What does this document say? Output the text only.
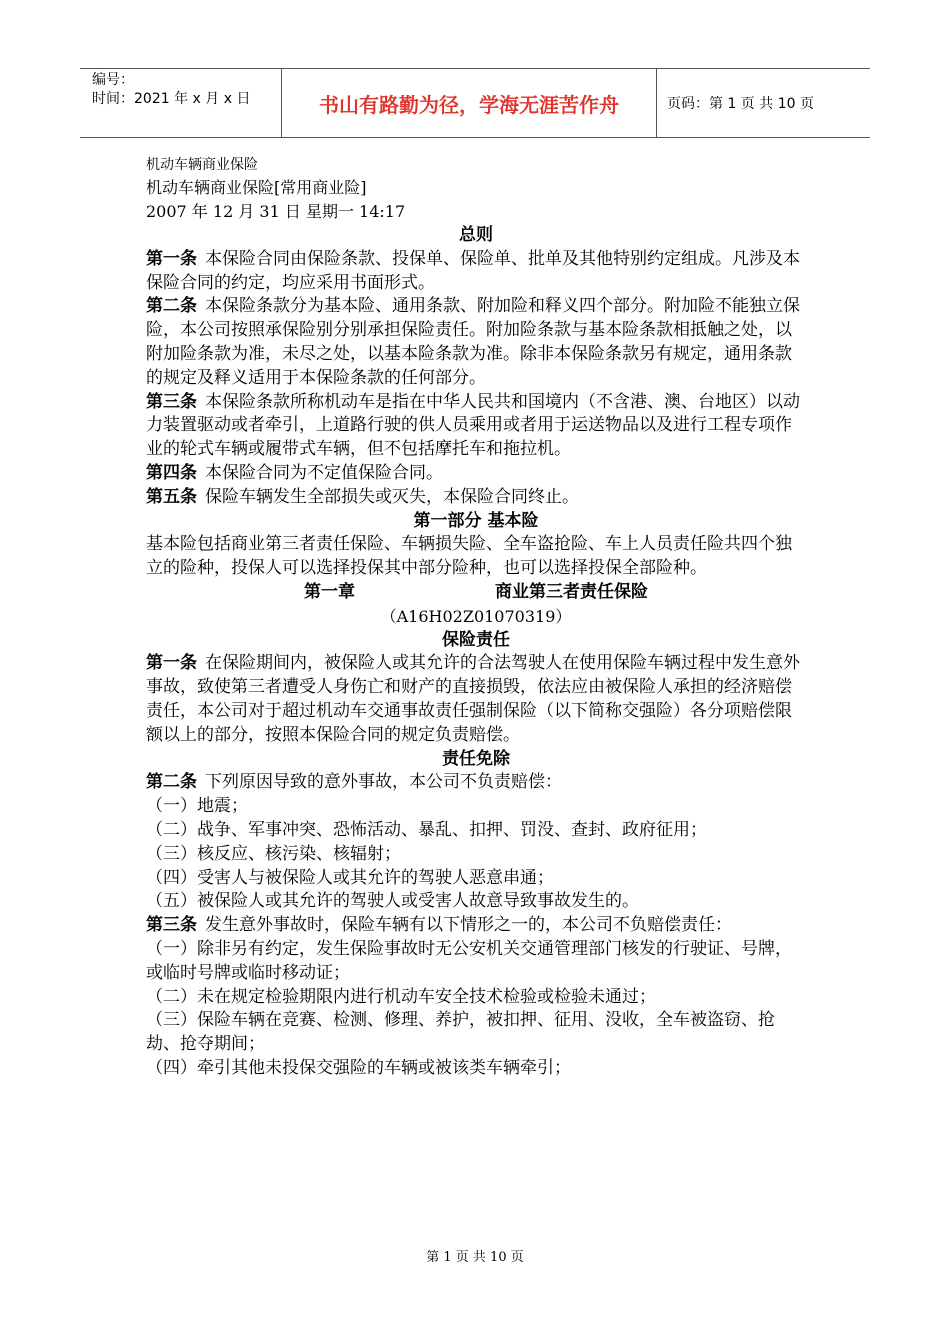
编号：
时间：2021 年 x 月 x 日	书山有路勤为径，学海无涯苦作舟	页码：第 1 页 共 10 页

机动车辆商业保险

机动车辆商业保险[常用商业险]

2007 年 12 月 31 日 星期一 14:17

总则

第一条 本保险合同由保险条款、投保单、保险单、批单及其他特别约定组成。凡涉及本保险合同的约定，均应采用书面形式。

第二条 本保险条款分为基本险、通用条款、附加险和释义四个部分。附加险不能独立保险，本公司按照承保险别分别承担保险责任。附加险条款与基本险条款相抵触之处，以附加险条款为准，未尽之处，以基本险条款为准。除非本保险条款另有规定，通用条款的规定及释义适用于本保险条款的任何部分。

第三条 本保险条款所称机动车是指在中华人民共和国境内（不含港、澳、台地区）以动力装置驱动或者牵引，上道路行驶的供人员乘用或者用于运送物品以及进行工程专项作业的轮式车辆或履带式车辆，但不包括摩托车和拖拉机。

第四条 本保险合同为不定值保险合同。

第五条 保险车辆发生全部损失或灭失，本保险合同终止。

第一部分 基本险

基本险包括商业第三者责任保险、车辆损失险、全车盗抢险、车上人员责任险共四个独立的险种，投保人可以选择投保其中部分险种，也可以选择投保全部险种。

第一章	商业第三者责任保险

（A16H02Z01070319）

保险责任

第一条 在保险期间内，被保险人或其允许的合法驾驶人在使用保险车辆过程中发生意外事故，致使第三者遭受人身伤亡和财产的直接损毁，依法应由被保险人承担的经济赔偿责任，本公司对于超过机动车交通事故责任强制保险（以下简称交强险）各分项赔偿限额以上的部分，按照本保险合同的规定负责赔偿。

责任免除

第二条 下列原因导致的意外事故，本公司不负责赔偿：

（一）地震；

（二）战争、军事冲突、恐怖活动、暴乱、扣押、罚没、查封、政府征用；

（三）核反应、核污染、核辐射；

（四）受害人与被保险人或其允许的驾驶人恶意串通；

（五）被保险人或其允许的驾驶人或受害人故意导致事故发生的。

第三条 发生意外事故时，保险车辆有以下情形之一的，本公司不负赔偿责任：

（一）除非另有约定，发生保险事故时无公安机关交通管理部门核发的行驶证、号牌，或临时号牌或临时移动证；

（二）未在规定检验期限内进行机动车安全技术检验或检验未通过；

（三）保险车辆在竞赛、检测、修理、养护，被扣押、征用、没收，全车被盗窃、抢劫、抢夺期间；

（四）牵引其他未投保交强险的车辆或被该类车辆牵引；

第 1 页 共 10 页
